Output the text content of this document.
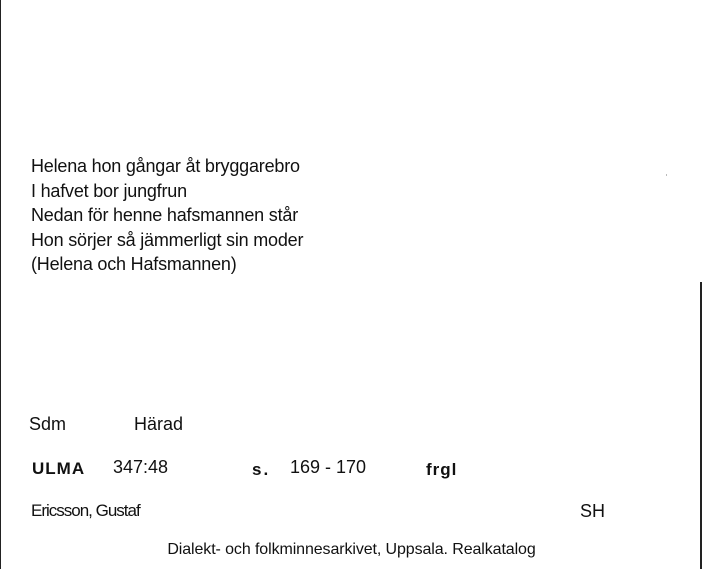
Helena hon gångar åt bryggarebro
I hafvet bor jungfrun
Nedan för henne hafsmannen står
Hon sörjer så jämmerligt sin moder
(Helena och Hafsmannen)
Sdm	Härad
ULMA 347:48	s. 169 - 170	frgl
Ericsson, Gustaf	SH
Dialekt- och folkminnesarkivet, Uppsala. Realkatalog
